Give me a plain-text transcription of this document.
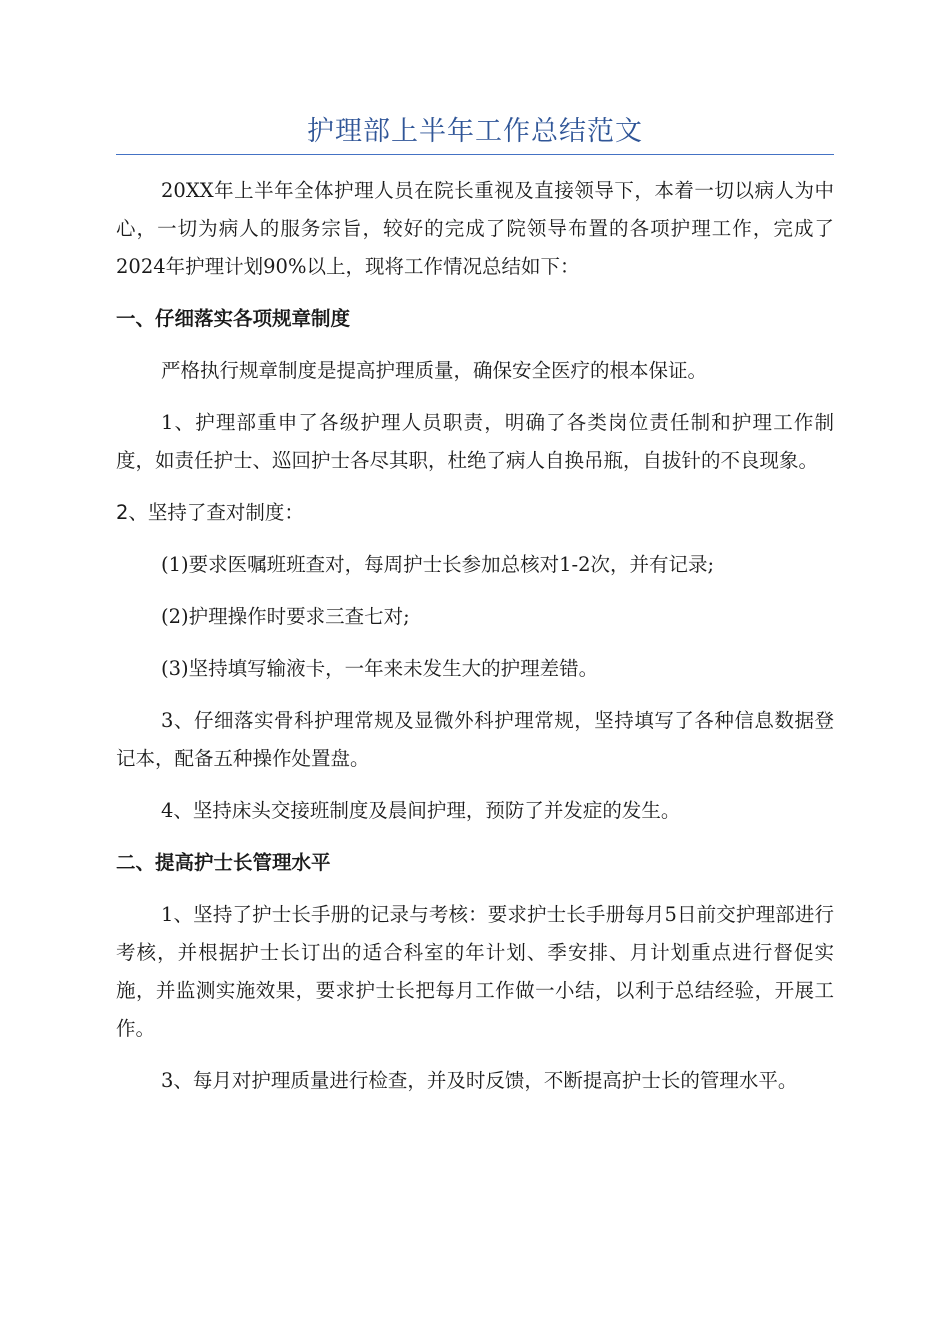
护理部上半年工作总结范文

20XX年上半年全体护理人员在院长重视及直接领导下，本着一切以病人为中心，一切为病人的服务宗旨，较好的完成了院领导布置的各项护理工作，完成了2024年护理计划90%以上，现将工作情况总结如下：

一、仔细落实各项规章制度

严格执行规章制度是提高护理质量，确保安全医疗的根本保证。

1、护理部重申了各级护理人员职责，明确了各类岗位责任制和护理工作制度，如责任护士、巡回护士各尽其职，杜绝了病人自换吊瓶，自拔针的不良现象。

2、坚持了查对制度：

(1)要求医嘱班班查对，每周护士长参加总核对1-2次，并有记录;

(2)护理操作时要求三查七对;

(3)坚持填写输液卡，一年来未发生大的护理差错。

3、仔细落实骨科护理常规及显微外科护理常规，坚持填写了各种信息数据登记本，配备五种操作处置盘。

4、坚持床头交接班制度及晨间护理，预防了并发症的发生。

二、提高护士长管理水平

1、坚持了护士长手册的记录与考核：要求护士长手册每月5日前交护理部进行考核，并根据护士长订出的适合科室的年计划、季安排、月计划重点进行督促实施，并监测实施效果，要求护士长把每月工作做一小结，以利于总结经验，开展工作。

3、每月对护理质量进行检查，并及时反馈，不断提高护士长的管理水平。
